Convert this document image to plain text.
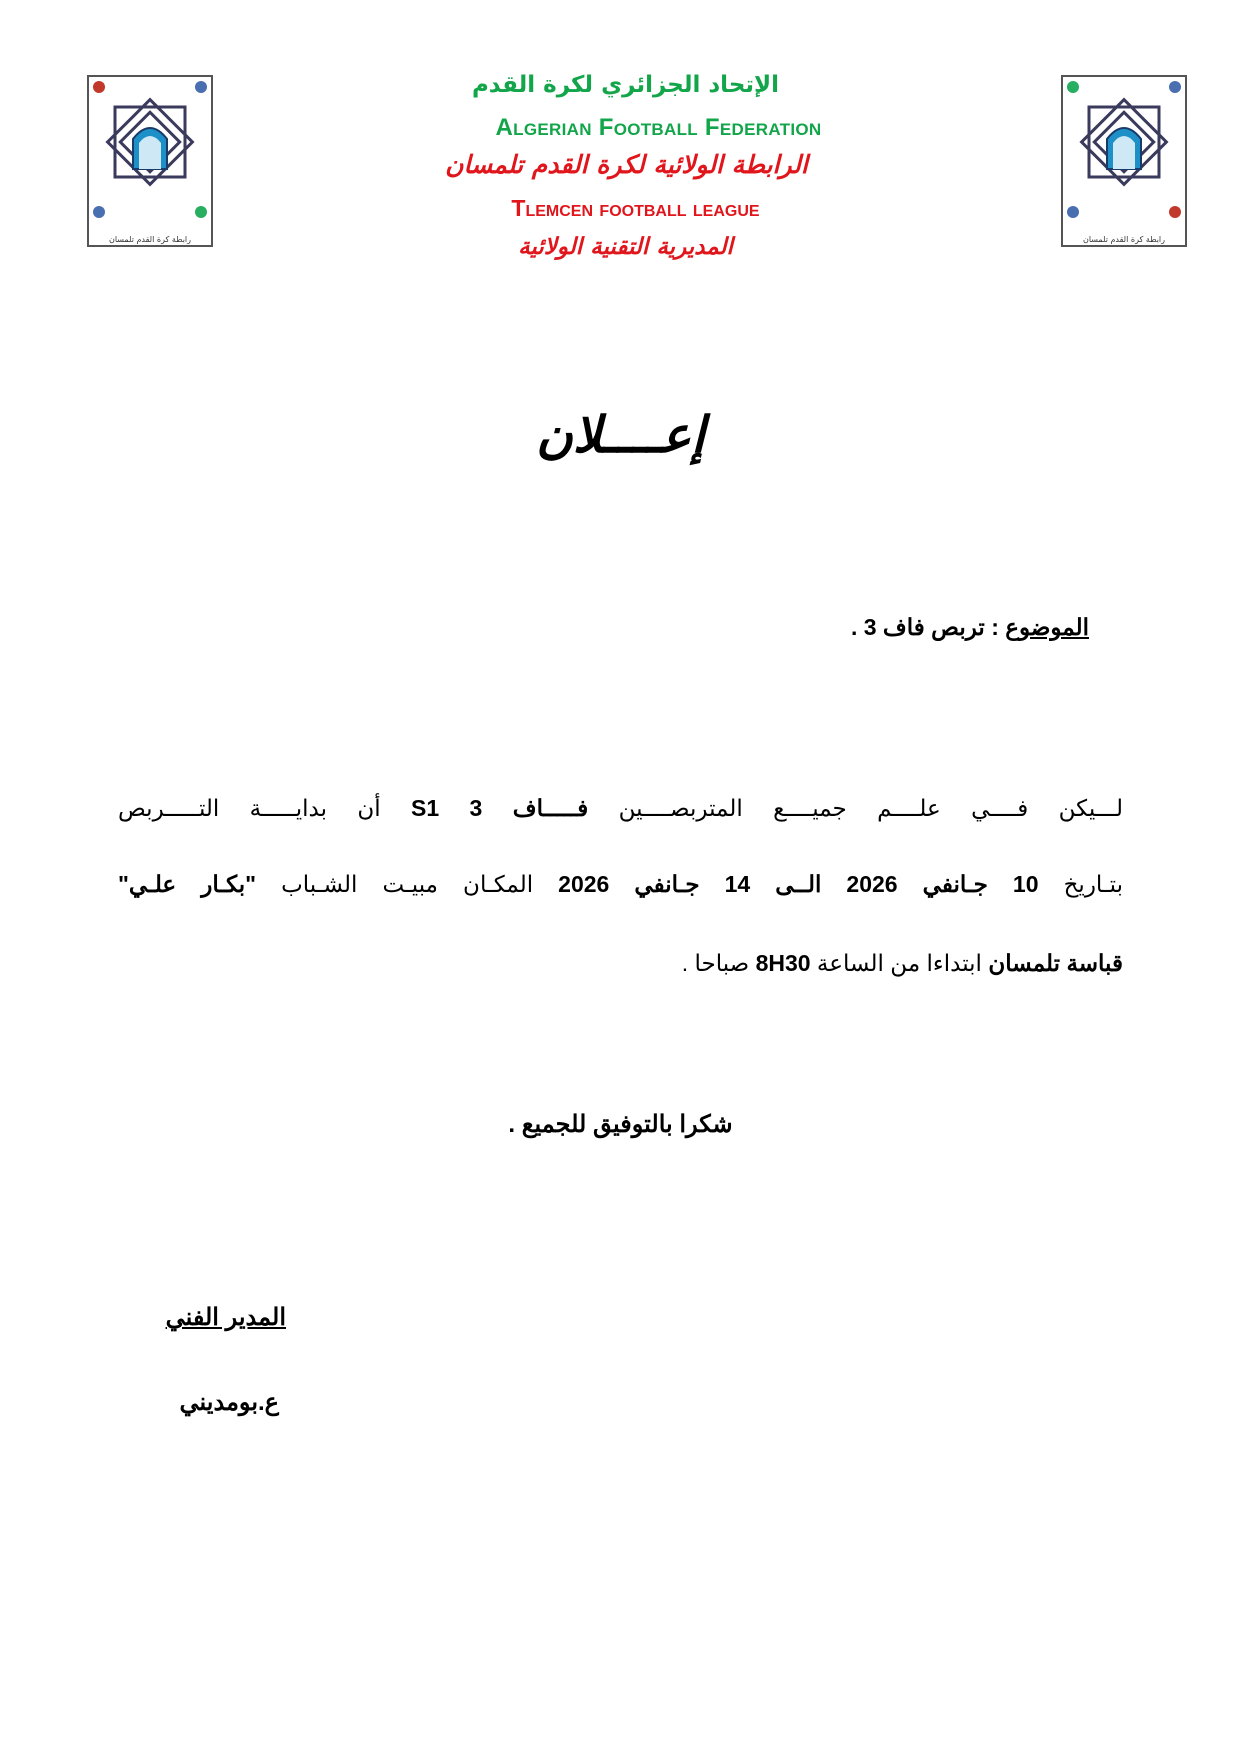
رابطة كرة القدم تلمسان	رابطة كرة القدم تلمسان
الإتحاد الجزائري لكرة القدم
Algerian Football Federation
الرابطة الولائية لكرة القدم تلمسان
Tlemcen football league
المديرية التقنية الولائية
إعــــلان
الموضوع : تربص فاف 3 .
لـــيكن فــــي علــــم جميــــع المتربصــــين فـــــاف 3 S1 أن بدايـــــة التـــــربص
بتـاريخ 10 جـانفي 2026 الــى 14 جـانفي 2026 المكـان مبيـت الشـباب "بكـار علـي"
قباسة تلمسان ابتداءا من الساعة 8H30 صباحا .
شكرا بالتوفيق للجميع .
المدير الفني
ع.بومديني
